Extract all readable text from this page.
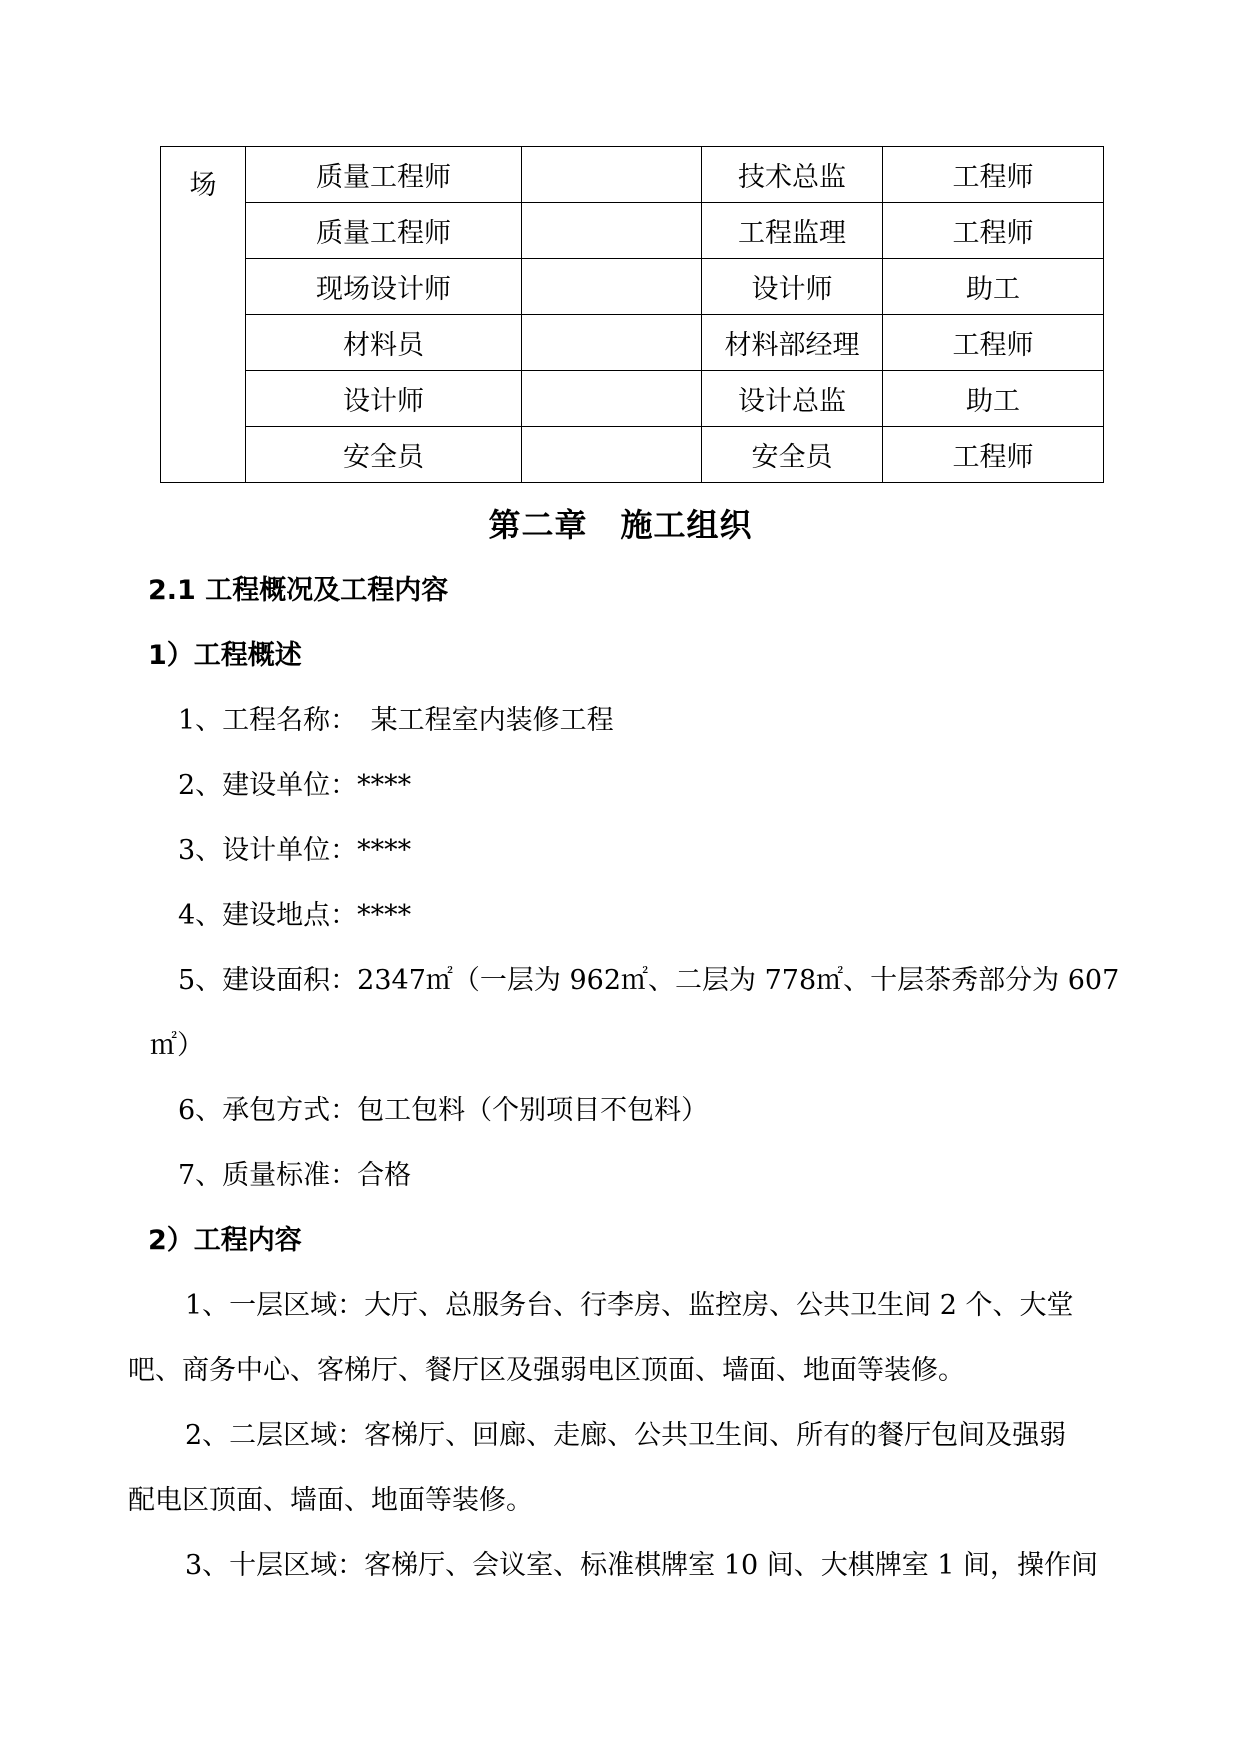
场	质量工程师		技术总监	工程师
	质量工程师		工程监理	工程师
	现场设计师		设计师	助工
	材料员		材料部经理	工程师
	设计师		设计总监	助工
	安全员		安全员	工程师
第二章　施工组织
2.1 工程概况及工程内容
1）工程概述
1、工程名称：　某工程室内装修工程
2、建设单位：****
3、设计单位：****
4、建设地点：****
5、建设面积：2347㎡（一层为 962㎡、二层为 778㎡、十层茶秀部分为 607
㎡）
6、承包方式：包工包料（个别项目不包料）
7、质量标准：合格
2）工程内容
1、一层区域：大厅、总服务台、行李房、监控房、公共卫生间 2 个、大堂
吧、商务中心、客梯厅、餐厅区及强弱电区顶面、墙面、地面等装修。
2、二层区域：客梯厅、回廊、走廊、公共卫生间、所有的餐厅包间及强弱
配电区顶面、墙面、地面等装修。
3、十层区域：客梯厅、会议室、标准棋牌室 10 间、大棋牌室 1 间，操作间
